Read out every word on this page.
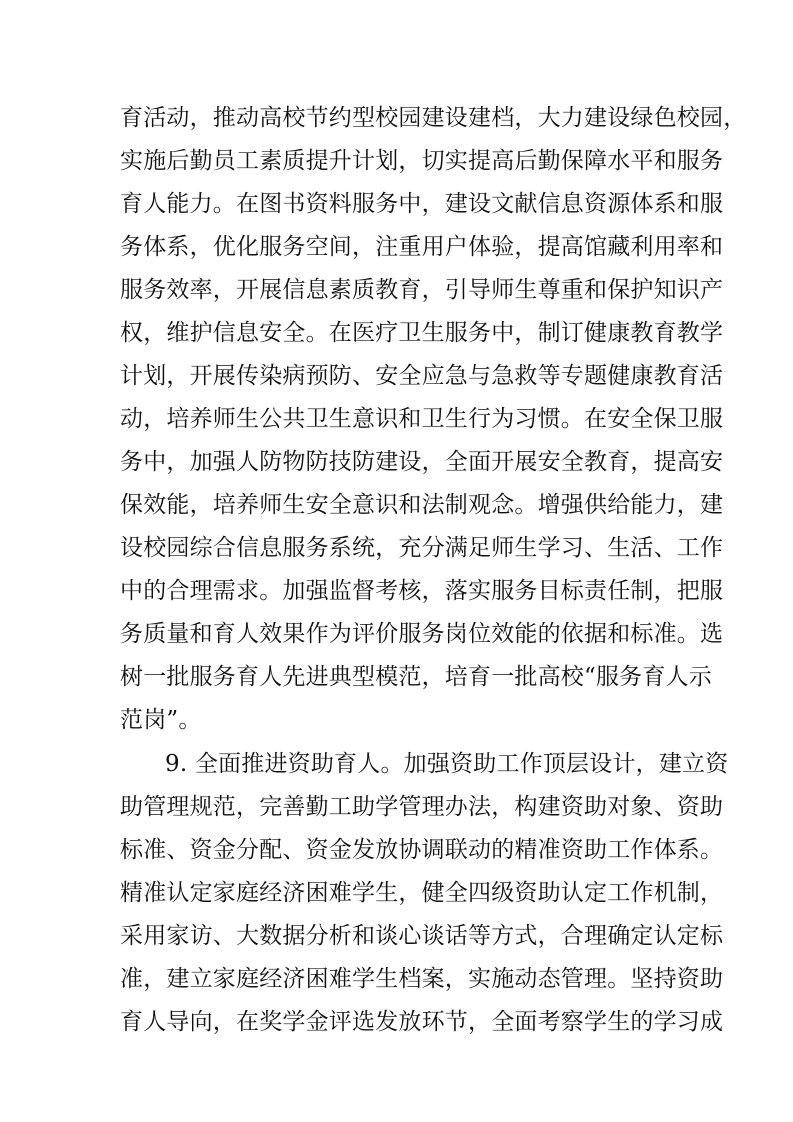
育活动，推动高校节约型校园建设建档，大力建设绿色校园，
实施后勤员工素质提升计划，切实提高后勤保障水平和服务
育人能力。在图书资料服务中，建设文献信息资源体系和服
务体系，优化服务空间，注重用户体验，提高馆藏利用率和
服务效率，开展信息素质教育，引导师生尊重和保护知识产
权，维护信息安全。在医疗卫生服务中，制订健康教育教学
计划，开展传染病预防、安全应急与急救等专题健康教育活
动，培养师生公共卫生意识和卫生行为习惯。在安全保卫服
务中，加强人防物防技防建设，全面开展安全教育，提高安
保效能，培养师生安全意识和法制观念。增强供给能力，建
设校园综合信息服务系统，充分满足师生学习、生活、工作
中的合理需求。加强监督考核，落实服务目标责任制，把服
务质量和育人效果作为评价服务岗位效能的依据和标准。选
树一批服务育人先进典型模范，培育一批高校“服务育人示
范岗”。
9. 全面推进资助育人。加强资助工作顶层设计，建立资
助管理规范，完善勤工助学管理办法，构建资助对象、资助
标准、资金分配、资金发放协调联动的精准资助工作体系。
精准认定家庭经济困难学生，健全四级资助认定工作机制，
采用家访、大数据分析和谈心谈话等方式，合理确定认定标
准，建立家庭经济困难学生档案，实施动态管理。坚持资助
育人导向，在奖学金评选发放环节，全面考察学生的学习成
